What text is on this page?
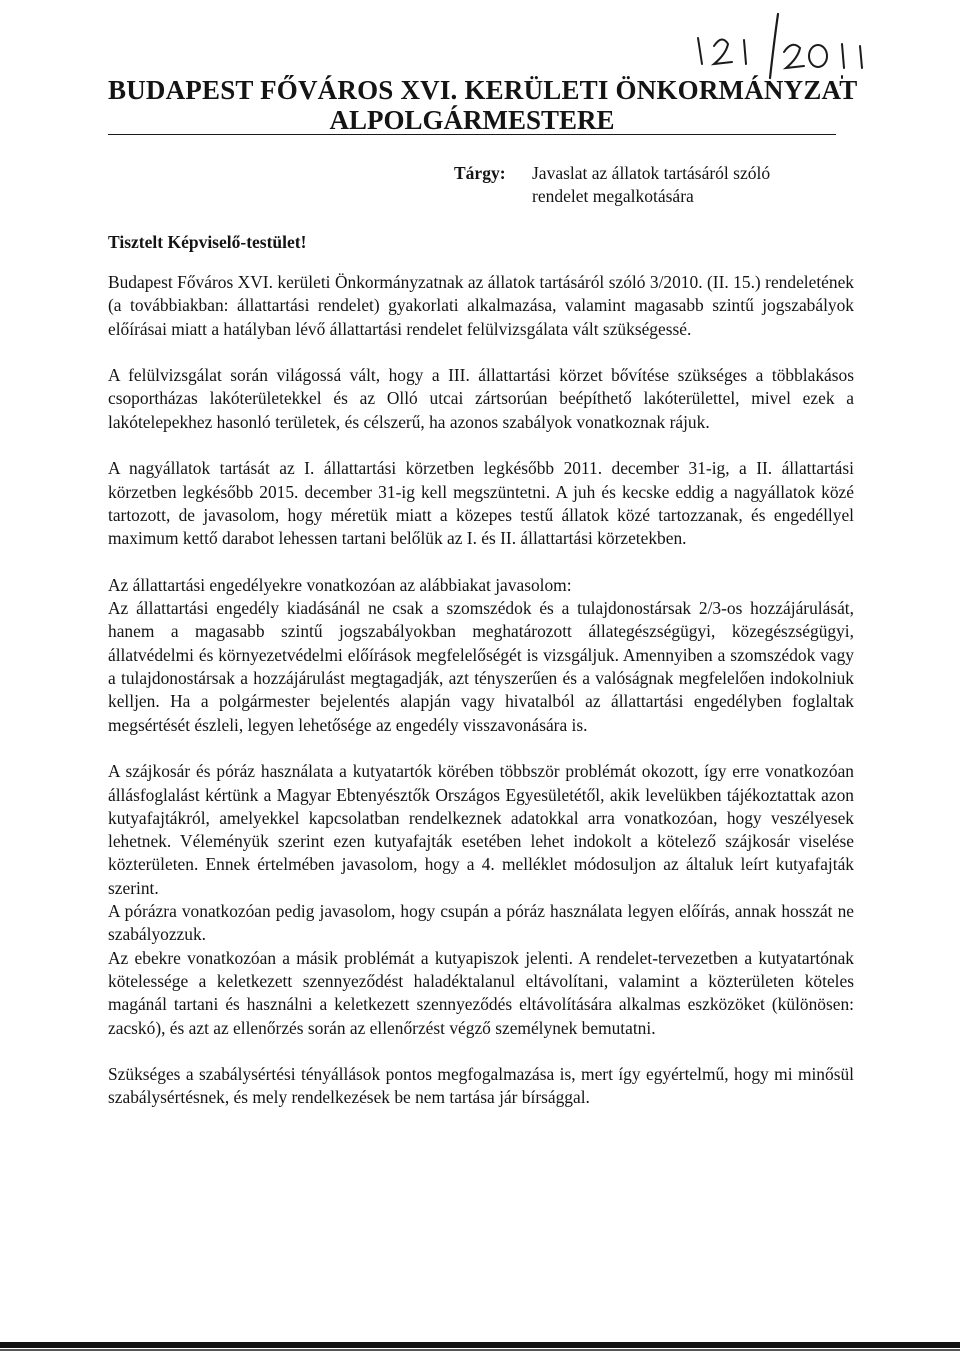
BUDAPEST FŐVÁROS XVI. KERÜLETI ÖNKORMÁNYZAT
ALPOLGÁRMESTERE
Tárgy: Javaslat az állatok tartásáról szóló
rendelet megalkotására
Tisztelt Képviselő-testület!

Budapest Főváros XVI. kerületi Önkormányzatnak az állatok tartásáról szóló 3/2010. (II. 15.) rendeletének (a továbbiakban: állattartási rendelet) gyakorlati alkalmazása, valamint magasabb szintű jogszabályok előírásai miatt a hatályban lévő állattartási rendelet felülvizsgálata vált szükségessé.

A felülvizsgálat során világossá vált, hogy a III. állattartási körzet bővítése szükséges a többlakásos csoportházas lakóterületekkel és az Olló utcai zártsorúan beépíthető lakóterülettel, mivel ezek a lakótelepekhez hasonló területek, és célszerű, ha azonos szabályok vonatkoznak rájuk.

A nagyállatok tartását az I. állattartási körzetben legkésőbb 2011. december 31-ig, a II. állattartási körzetben legkésőbb 2015. december 31-ig kell megszüntetni. A juh és kecske eddig a nagyállatok közé tartozott, de javasolom, hogy méretük miatt a közepes testű állatok közé tartozzanak, és engedéllyel maximum kettő darabot lehessen tartani belőlük az I. és II. állattartási körzetekben.

Az állattartási engedélyekre vonatkozóan az alábbiakat javasolom:

Az állattartási engedély kiadásánál ne csak a szomszédok és a tulajdonostársak 2/3-os hozzájárulását, hanem a magasabb szintű jogszabályokban meghatározott állategészségügyi, közegészségügyi, állatvédelmi és környezetvédelmi előírások megfelelőségét is vizsgáljuk. Amennyiben a szomszédok vagy a tulajdonostársak a hozzájárulást megtagadják, azt tényszerűen és a valóságnak megfelelően indokolniuk kelljen. Ha a polgármester bejelentés alapján vagy hivatalból az állattartási engedélyben foglaltak megsértését észleli, legyen lehetősége az engedély visszavonására is.

A szájkosár és póráz használata a kutyatartók körében többször problémát okozott, így erre vonatkozóan állásfoglalást kértünk a Magyar Ebtenyésztők Országos Egyesületétől, akik levelükben tájékoztattak azon kutyafajtákról, amelyekkel kapcsolatban rendelkeznek adatokkal arra vonatkozóan, hogy veszélyesek lehetnek. Véleményük szerint ezen kutyafajták esetében lehet indokolt a kötelező szájkosár viselése közterületen. Ennek értelmében javasolom, hogy a 4. melléklet módosuljon az általuk leírt kutyafajták szerint.

A pórázra vonatkozóan pedig javasolom, hogy csupán a póráz használata legyen előírás, annak hosszát ne szabályozzuk.

Az ebekre vonatkozóan a másik problémát a kutyapiszok jelenti. A rendelet-tervezetben a kutyatartónak kötelessége a keletkezett szennyeződést haladéktalanul eltávolítani, valamint a közterületen köteles magánál tartani és használni a keletkezett szennyeződés eltávolítására alkalmas eszközöket (különösen: zacskó), és azt az ellenőrzés során az ellenőrzést végző személynek bemutatni.

Szükséges a szabálysértési tényállások pontos megfogalmazása is, mert így egyértelmű, hogy mi minősül szabálysértésnek, és mely rendelkezések be nem tartása jár bírsággal.
